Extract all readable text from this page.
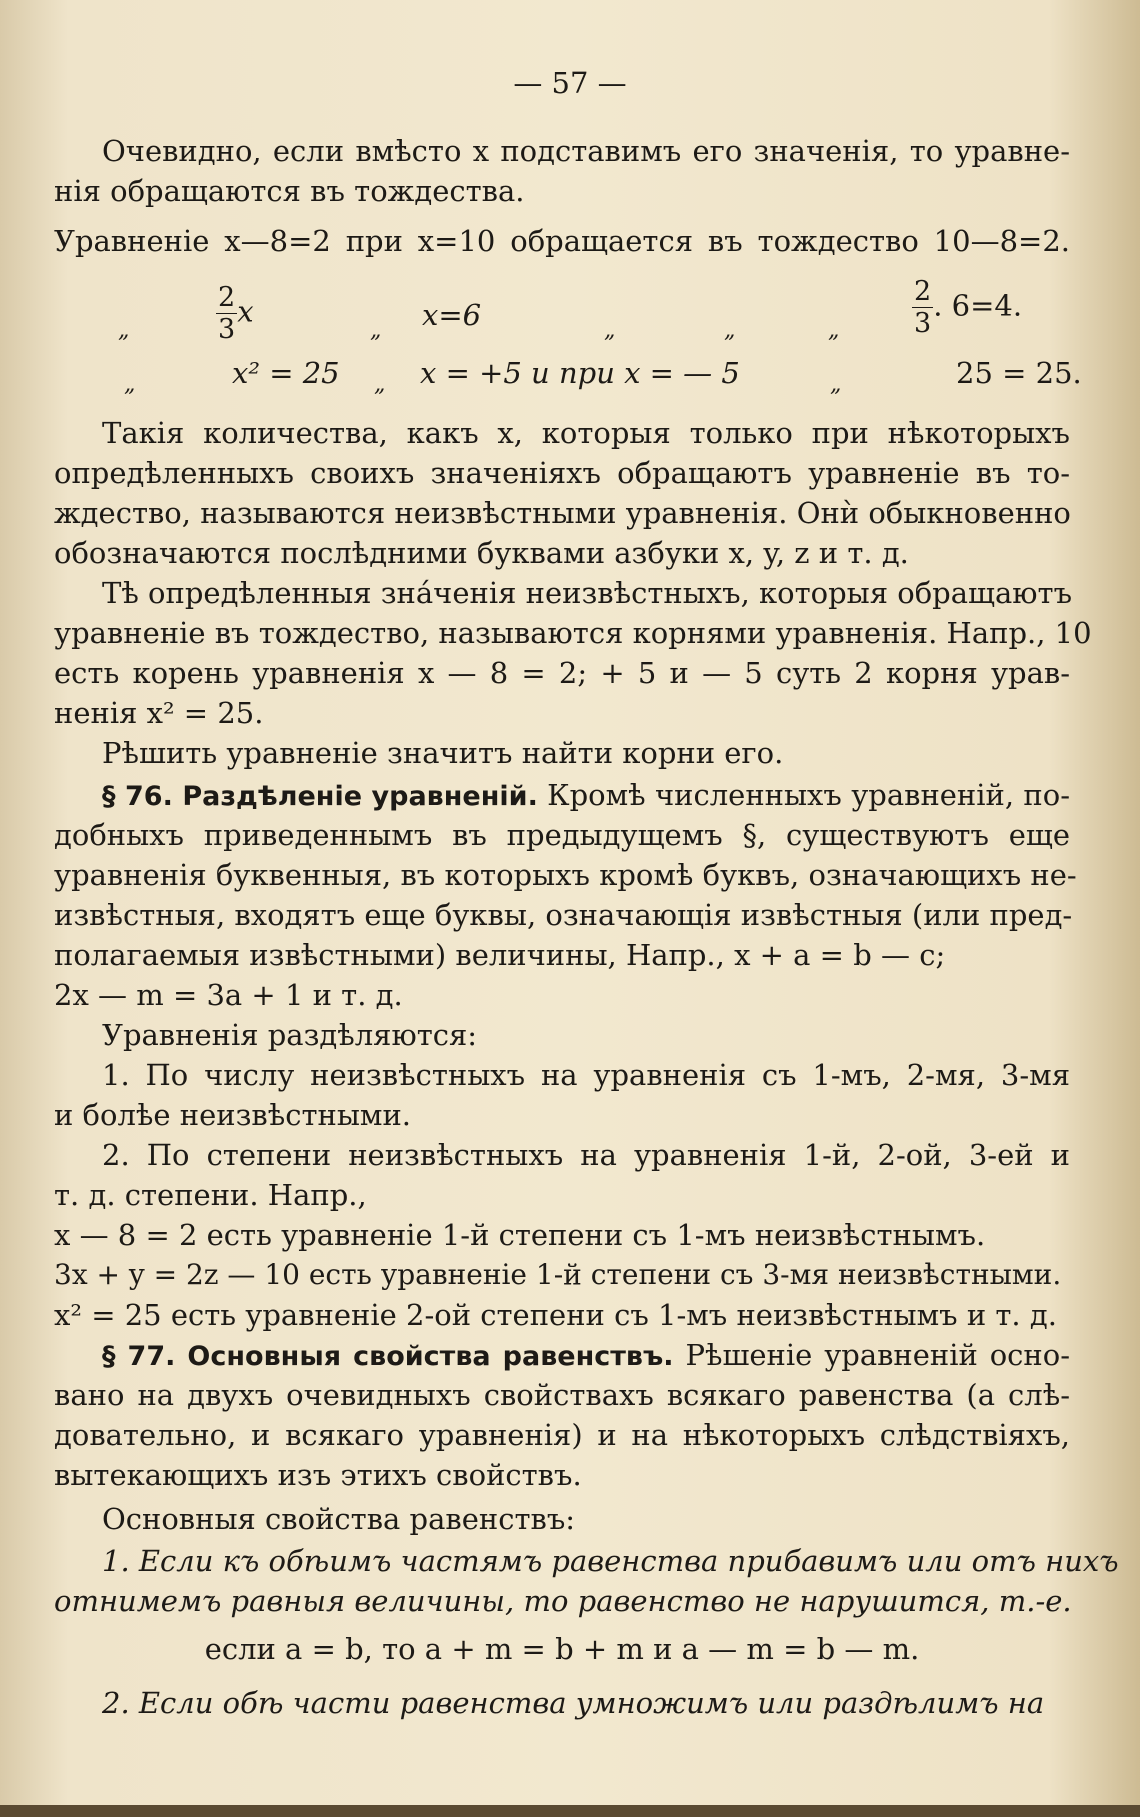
— 57 —
Очевидно, если вмѣсто x подставимъ его значенія, то уравне-
нія обращаются въ тождества.
Уравненіе x—8=2 при x=10 обращается въ тождество 10—8=2.
„	$\frac{2}{3}$ x
„ x=6	„	„	„	$\frac{2}{3}$ . 6=4.
„	x² = 25 „ x = +5 и при x = — 5	„	25 = 25.
Такія количества, какъ x, которыя только при нѣкоторыхъ
опредѣленныхъ своихъ значеніяхъ обращаютъ уравненіе въ то-
ждество, называются неизвѣстными уравненія. Онѝ обыкновенно
обозначаются послѣдними буквами азбуки x, y, z и т. д.
Тѣ опредѣленныя знáченія неизвѣстныхъ, которыя обращаютъ
уравненіе въ тождество, называются корнями уравненія. Напр., 10
есть корень уравненія x — 8 = 2; + 5 и — 5 суть 2 корня урав-
ненія x² = 25.
Рѣшить уравненіе значитъ найти корни его.
§ 76. Раздѣленіе уравненій. Кромѣ численныхъ уравненій, по-
добныхъ приведеннымъ въ предыдущемъ §, существуютъ еще
уравненія буквенныя, въ которыхъ кромѣ буквъ, означающихъ не-
извѣстныя, входятъ еще буквы, означающія извѣстныя (или пред-
полагаемыя извѣстными) величины, Напр., x + a = b — c;
2x — m = 3a + 1 и т. д.
Уравненія раздѣляются:
1. По числу неизвѣстныхъ на уравненія съ 1-мъ, 2-мя, 3-мя
и болѣе неизвѣстными.
2. По степени неизвѣстныхъ на уравненія 1-й, 2-ой, 3-ей и
т. д. степени. Напр.,
x — 8 = 2 есть уравненіе 1-й степени съ 1-мъ неизвѣстнымъ.
3x + y = 2z — 10 есть уравненіе 1-й степени съ 3-мя неизвѣстными.
x² = 25 есть уравненіе 2-ой степени съ 1-мъ неизвѣстнымъ и т. д.
§ 77. Основныя свойства равенствъ. Рѣшеніе уравненій осно-
вано на двухъ очевидныхъ свойствахъ всякаго равенства (а слѣ-
довательно, и всякаго уравненія) и на нѣкоторыхъ слѣдствіяхъ,
вытекающихъ изъ этихъ свойствъ.
Основныя свойства равенствъ:
1. Если къ обѣимъ частямъ равенства прибавимъ или отъ нихъ
отнимемъ равныя величины, то равенство не нарушится, т.-е.
если a = b, то a + m = b + m и a — m = b — m.
2. Если обѣ части равенства умножимъ или раздѣлимъ на
